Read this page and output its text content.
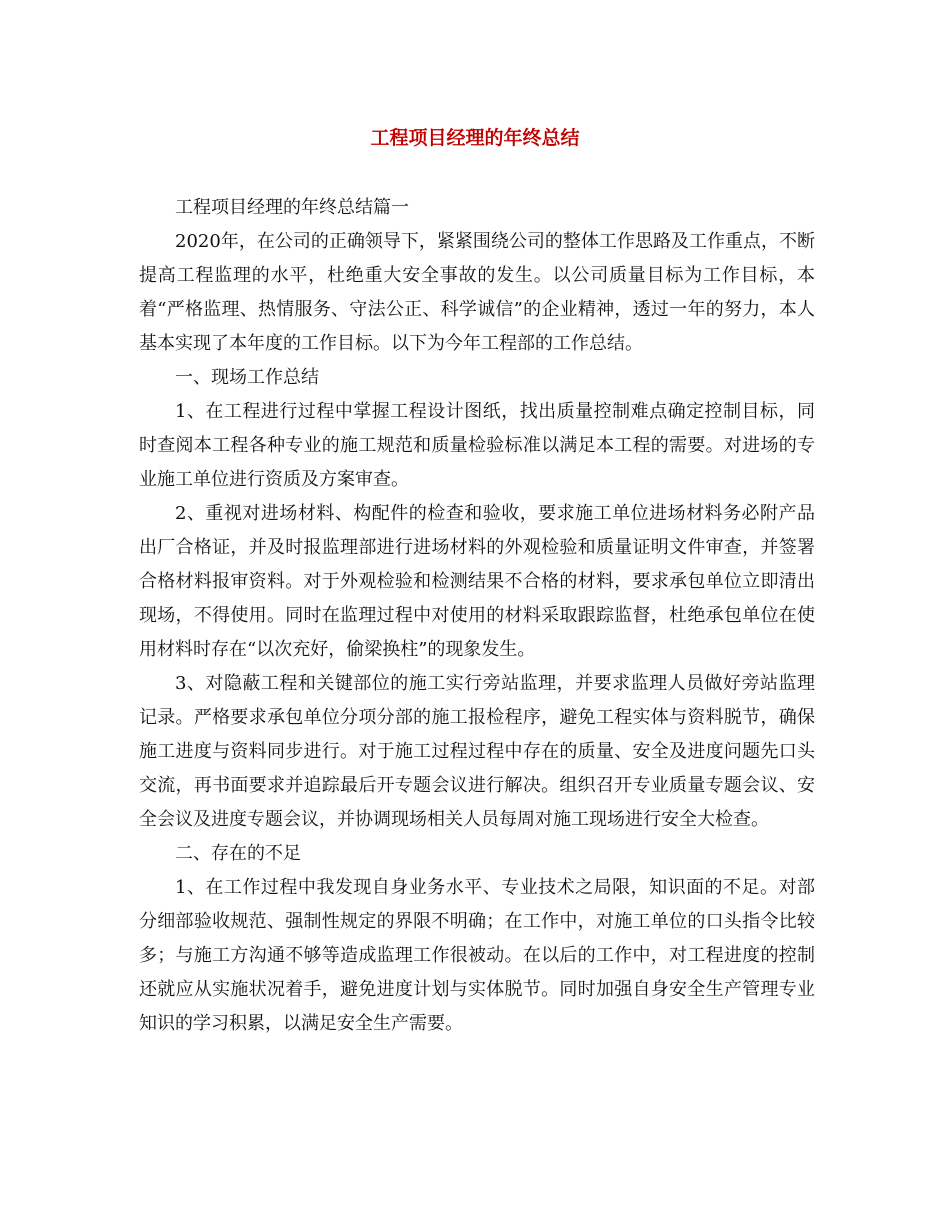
工程项目经理的年终总结

工程项目经理的年终总结篇一

2020年，在公司的正确领导下，紧紧围绕公司的整体工作思路及工作重点，不断提高工程监理的水平，杜绝重大安全事故的发生。以公司质量目标为工作目标，本着“严格监理、热情服务、守法公正、科学诚信”的企业精神，透过一年的努力，本人基本实现了本年度的工作目标。以下为今年工程部的工作总结。

一、现场工作总结

1、在工程进行过程中掌握工程设计图纸，找出质量控制难点确定控制目标，同时查阅本工程各种专业的施工规范和质量检验标准以满足本工程的需要。对进场的专业施工单位进行资质及方案审查。

2、重视对进场材料、构配件的检查和验收，要求施工单位进场材料务必附产品出厂合格证，并及时报监理部进行进场材料的外观检验和质量证明文件审查，并签署合格材料报审资料。对于外观检验和检测结果不合格的材料，要求承包单位立即清出现场，不得使用。同时在监理过程中对使用的材料采取跟踪监督，杜绝承包单位在使用材料时存在“以次充好，偷梁换柱”的现象发生。

3、对隐蔽工程和关键部位的施工实行旁站监理，并要求监理人员做好旁站监理记录。严格要求承包单位分项分部的施工报检程序，避免工程实体与资料脱节，确保施工进度与资料同步进行。对于施工过程过程中存在的质量、安全及进度问题先口头交流，再书面要求并追踪最后开专题会议进行解决。组织召开专业质量专题会议、安全会议及进度专题会议，并协调现场相关人员每周对施工现场进行安全大检查。

二、存在的不足

1、在工作过程中我发现自身业务水平、专业技术之局限，知识面的不足。对部分细部验收规范、强制性规定的界限不明确；在工作中，对施工单位的口头指令比较多；与施工方沟通不够等造成监理工作很被动。在以后的工作中，对工程进度的控制还就应从实施状况着手，避免进度计划与实体脱节。同时加强自身安全生产管理专业知识的学习积累，以满足安全生产需要。
